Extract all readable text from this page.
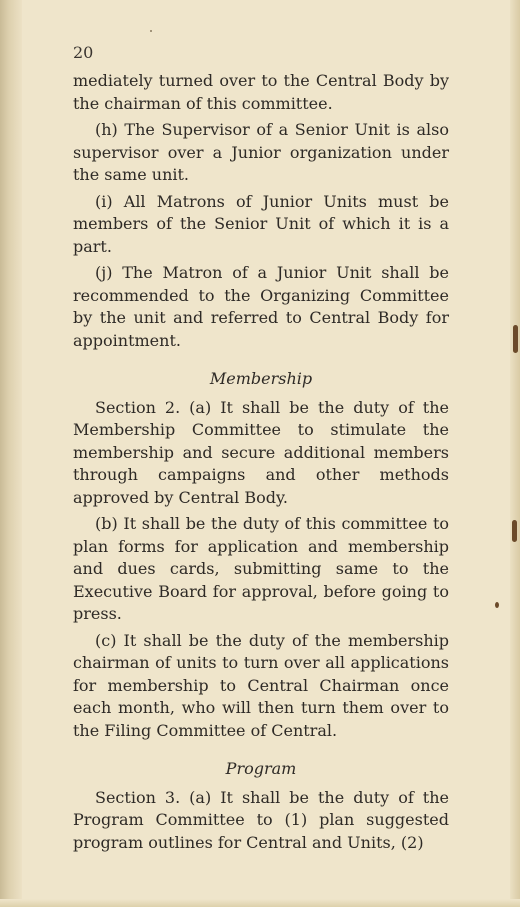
20

mediately turned over to the Central Body by the chairman of this committee.

(h) The Supervisor of a Senior Unit is also supervisor over a Junior organization under the same unit.

(i) All Matrons of Junior Units must be members of the Senior Unit of which it is a part.

(j) The Matron of a Junior Unit shall be recommended to the Organizing Committee by the unit and referred to Central Body for appointment.

Membership

Section 2. (a) It shall be the duty of the Membership Committee to stimulate the membership and secure additional members through campaigns and other methods approved by Central Body.

(b) It shall be the duty of this committee to plan forms for application and membership and dues cards, submitting same to the Executive Board for approval, before going to press.

(c) It shall be the duty of the membership chairman of units to turn over all applications for membership to Central Chairman once each month, who will then turn them over to the Filing Committee of Central.

Program

Section 3. (a) It shall be the duty of the Program Committee to (1) plan suggested program outlines for Central and Units, (2)
